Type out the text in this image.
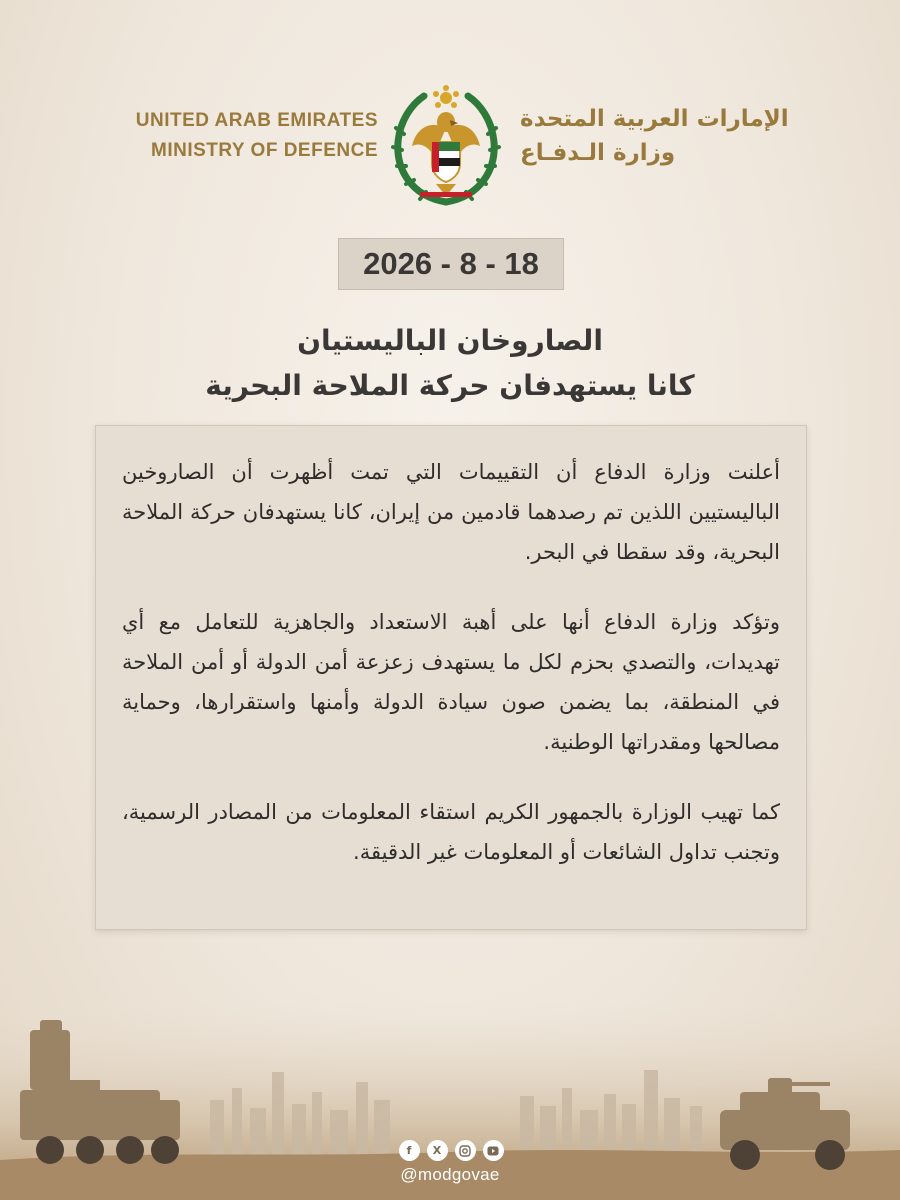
UNITED ARAB EMIRATES
MINISTRY OF DEFENCE
الإمارات العربية المتحدة
وزارة الـدفـاع
2026 - 8 - 18
الصاروخان الباليستيان
كانا يستهدفان حركة الملاحة البحرية

أعلنت وزارة الدفاع أن التقييمات التي تمت أظهرت أن الصاروخين الباليستيين اللذين تم رصدهما قادمين من إيران، كانا يستهدفان حركة الملاحة البحرية، وقد سقطا في البحر.

وتؤكد وزارة الدفاع أنها على أهبة الاستعداد والجاهزية للتعامل مع أي تهديدات، والتصدي بحزم لكل ما يستهدف زعزعة أمن الدولة أو أمن الملاحة في المنطقة، بما يضمن صون سيادة الدولة وأمنها واستقرارها، وحماية مصالحها ومقدراتها الوطنية.

كما تهيب الوزارة بالجمهور الكريم استقاء المعلومات من المصادر الرسمية، وتجنب تداول الشائعات أو المعلومات غير الدقيقة.

f	X
@modgovae
